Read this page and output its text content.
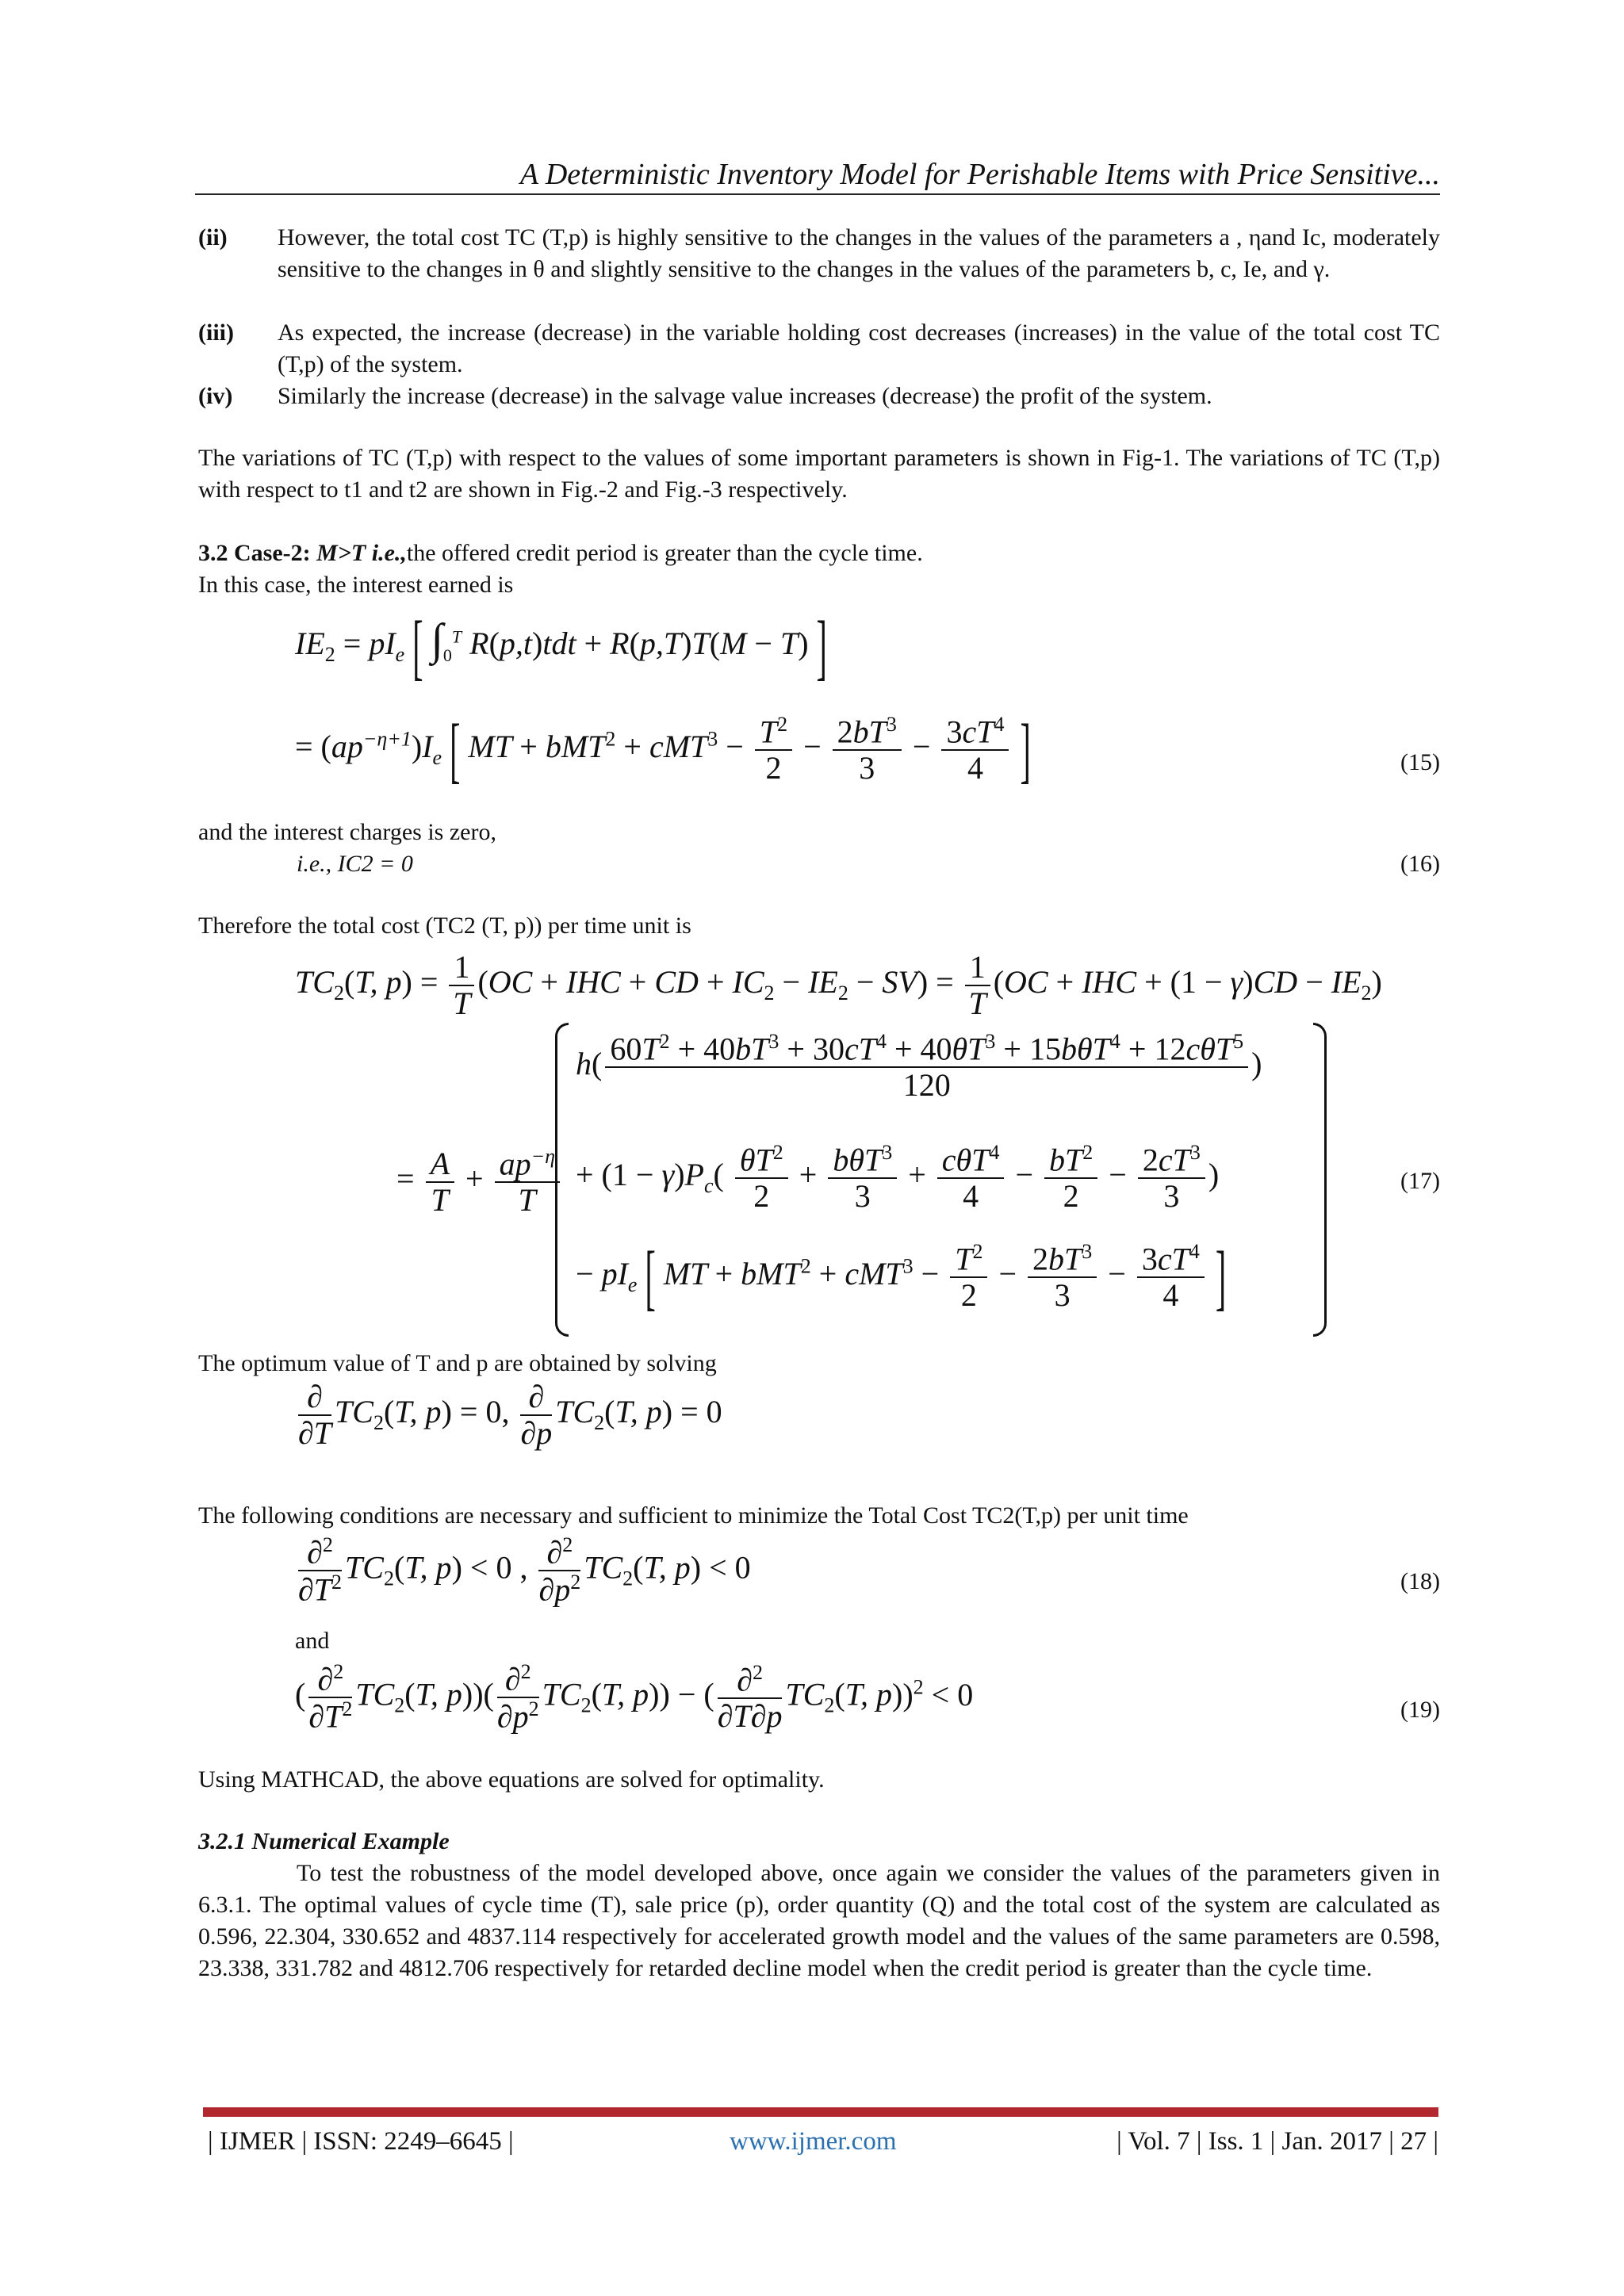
A Deterministic Inventory Model for Perishable Items with Price Sensitive...
(ii) However, the total cost TC (T,p) is highly sensitive to the changes in the values of the parameters a , ηand Ic, moderately sensitive to the changes in θ and slightly sensitive to the changes in the values of the parameters b, c, Ie, and γ.
(iii) As expected, the increase (decrease) in the variable holding cost decreases (increases) in the value of the total cost TC (T,p) of the system.
(iv) Similarly the increase (decrease) in the salvage value increases (decrease) the profit of the system.
The variations of TC (T,p) with respect to the values of some important parameters is shown in Fig-1. The variations of TC (T,p) with respect to t1 and t2 are shown in Fig.-2 and Fig.-3 respectively.
3.2 Case-2: M>T i.e.,the offered credit period is greater than the cycle time.
In this case, the interest earned is
$IE_2 = pI_e$ [ $\int_0^T$ R(p,t)tdt + R(p,T)T(M − T) ]
= $(ap^{-\eta+1})I_e$ [ MT + $bMT^2 + cMT^3 - \frac{T^2}{2} - \frac{2bT^3}{3} - \frac{3cT^4}{4}$ ]	(15)
and the interest charges is zero,
i.e., IC2 = 0	(16)
Therefore the total cost (TC2 (T, p)) per time unit is
$TC_2(T$, $p) = \frac{1}{T} (OC$ + IHC + CD + $IC_2 - IE_2 - SV) = \frac{1}{T} (OC$ + IHC + $(1 - \gamma)CD - IE_2$)
= $\frac{A}{T} + \frac{ap^{-\eta}}{T}$
$h( \frac{60T^2 + 40bT^3 + 30cT^4 + 40\theta T^3 + 15b\theta T^4 + 12c\theta T^5}{120}$ )
+ $(1 - \gamma)P_c( \frac{\theta T^2}{2} + \frac{b\theta T^3}{3} + \frac{c\theta T^4}{4} - \frac{bT^2}{2} - \frac{2cT^3}{3}$ )
− $pI_e$ [ MT + $bMT^2 + cMT^3 - \frac{T^2}{2} - \frac{2bT^3}{3} - \frac{3cT^4}{4}$ ]
(17)
The optimum value of T and p are obtained by solving
$\frac{\partial}{\partial T} TC_2(T$, p) = 0, $\frac{\partial}{\partial p} TC_2(T$, p) = 0
The following conditions are necessary and sufficient to minimize the Total Cost TC2(T,p) per unit time
$\frac{\partial^2}{\partial T^2} TC_2(T$, p) < 0 , $\frac{\partial^2}{\partial p^2} TC_2(T$, p) < 0	(18)
and
( $\frac{\partial^2}{\partial T^2} TC_2(T$, $p))( \frac{\partial^2}{\partial p^2} TC_2(T$, p)) − ( $\frac{\partial^2}{\partial T\partial p} TC_2(T$, p))$^2$ < 0	(19)
Using MATHCAD, the above equations are solved for optimality.
3.2.1 Numerical Example
To test the robustness of the model developed above, once again we consider the values of the parameters given in 6.3.1. The optimal values of cycle time (T), sale price (p), order quantity (Q) and the total cost of the system are calculated as 0.596, 22.304, 330.652 and 4837.114 respectively for accelerated growth model and the values of the same parameters are 0.598, 23.338, 331.782 and 4812.706 respectively for retarded decline model when the credit period is greater than the cycle time.
| IJMER | ISSN: 2249–6645 |	www.ijmer.com	| Vol. 7 | Iss. 1 | Jan. 2017 | 27 |
